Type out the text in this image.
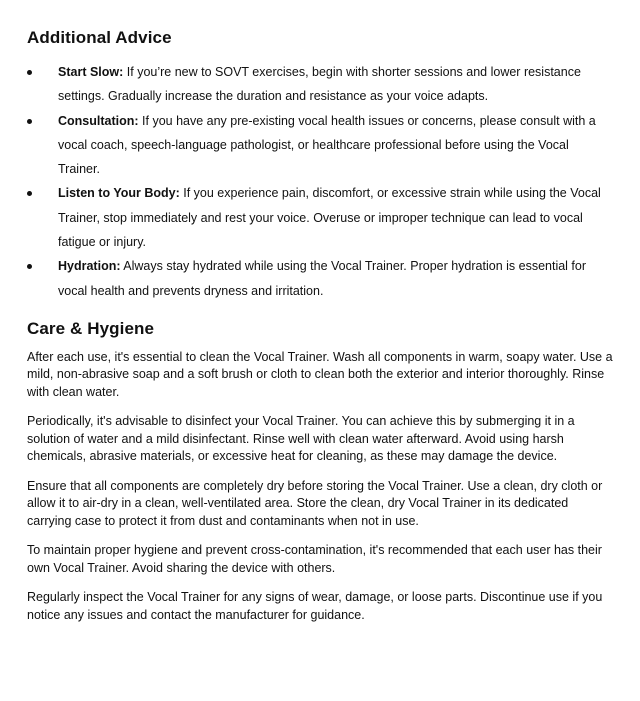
Additional Advice
Start Slow: If you’re new to SOVT exercises, begin with shorter sessions and lower resistance settings. Gradually increase the duration and resistance as your voice adapts.
Consultation: If you have any pre-existing vocal health issues or concerns, please consult with a vocal coach, speech-language pathologist, or healthcare professional before using the Vocal Trainer.
Listen to Your Body: If you experience pain, discomfort, or excessive strain while using the Vocal Trainer, stop immediately and rest your voice. Overuse or improper technique can lead to vocal fatigue or injury.
Hydration: Always stay hydrated while using the Vocal Trainer. Proper hydration is essential for vocal health and prevents dryness and irritation.
Care & Hygiene

After each use, it's essential to clean the Vocal Trainer. Wash all components in warm, soapy water. Use a mild, non-abrasive soap and a soft brush or cloth to clean both the exterior and interior thoroughly. Rinse with clean water.

Periodically, it's advisable to disinfect your Vocal Trainer. You can achieve this by submerging it in a solution of water and a mild disinfectant. Rinse well with clean water afterward. Avoid using harsh chemicals, abrasive materials, or excessive heat for cleaning, as these may damage the device.

Ensure that all components are completely dry before storing the Vocal Trainer. Use a clean, dry cloth or allow it to air-dry in a clean, well-ventilated area. Store the clean, dry Vocal Trainer in its dedicated carrying case to protect it from dust and contaminants when not in use.

To maintain proper hygiene and prevent cross-contamination, it's recommended that each user has their own Vocal Trainer. Avoid sharing the device with others.

Regularly inspect the Vocal Trainer for any signs of wear, damage, or loose parts. Discontinue use if you notice any issues and contact the manufacturer for guidance.
